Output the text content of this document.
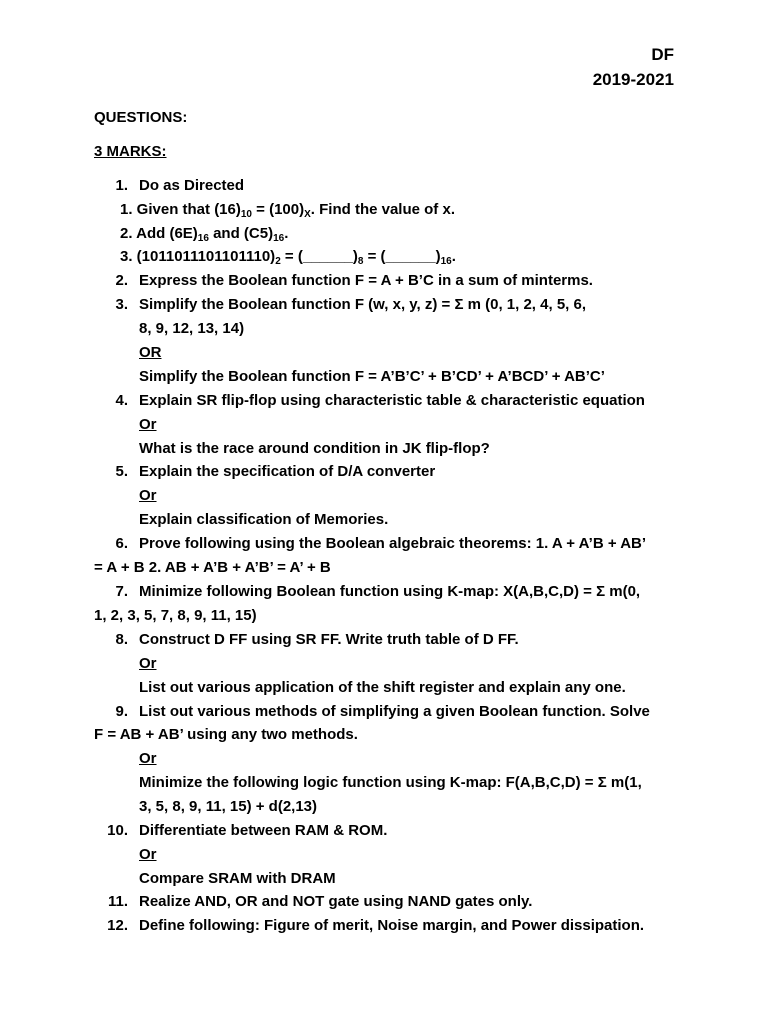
DF
2019-2021
QUESTIONS:
3 MARKS:
1. Do as Directed
1. Given that $(16)_{10} = (100)_X$. Find the value of x.
2. Add $(6E)_{16}$ and $(C5)_{16}$.
3. $(1011011101101110)_2$ = $(\_\_\_\_\_\_)_8$ = $(\_\_\_\_\_\_)_{16}$.
2. Express the Boolean function F = A + B’C in a sum of minterms.
3. Simplify the Boolean function F (w, x, y, z) = Σ m (0, 1, 2, 4, 5, 6,
8, 9, 12, 13, 14)
OR
Simplify the Boolean function F = A’B’C’ + B’CD’ + A’BCD’ + AB’C’
4. Explain SR flip-flop using characteristic table & characteristic equation
Or
What is the race around condition in JK flip-flop?
5. Explain the specification of D/A converter
Or
Explain classification of Memories.
6. Prove following using the Boolean algebraic theorems: 1. A + A’B + AB’
= A + B 2. AB + A’B + A’B’ = A’ + B
7. Minimize following Boolean function using K-map: X(A,B,C,D) = Σ m(0,
1, 2, 3, 5, 7, 8, 9, 11, 15)
8. Construct D FF using SR FF. Write truth table of D FF.
Or
List out various application of the shift register and explain any one.
9. List out various methods of simplifying a given Boolean function. Solve
F = AB + AB’ using any two methods.
Or
Minimize the following logic function using K-map: F(A,B,C,D) = Σ m(1,
3, 5, 8, 9, 11, 15) + d(2,13)
10. Differentiate between RAM & ROM.
Or
Compare SRAM with DRAM
11. Realize AND, OR and NOT gate using NAND gates only.
12. Define following: Figure of merit, Noise margin, and Power dissipation.
